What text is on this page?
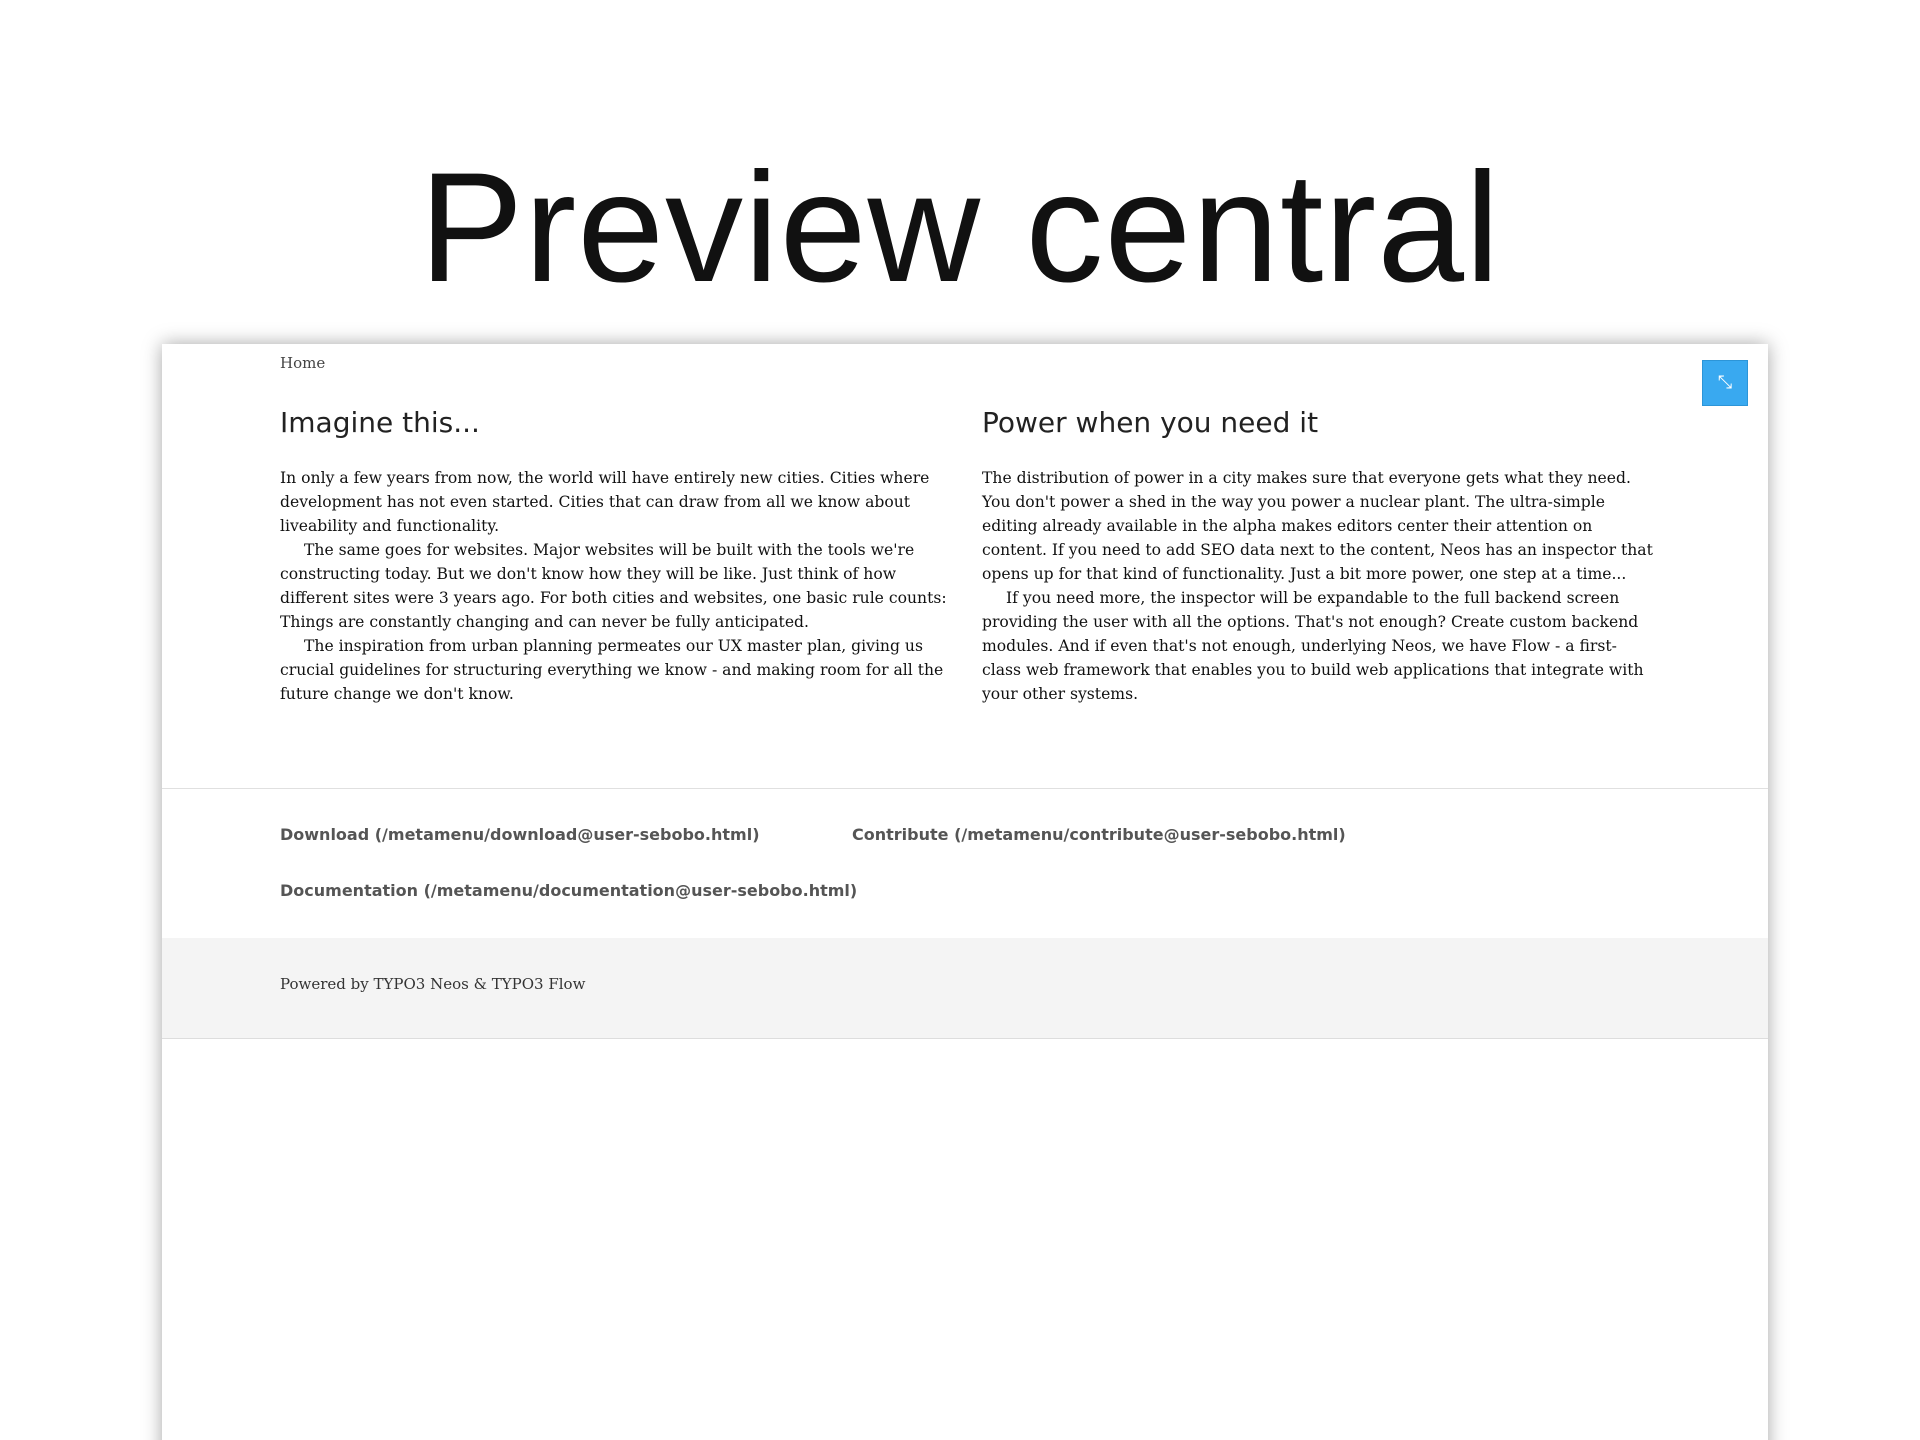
Preview central
Home
⤡
Imagine this...

In only a few years from now, the world will have entirely new cities. Cities where development has not even started. Cities that can draw from all we know about liveability and functionality.

The same goes for websites. Major websites will be built with the tools we're constructing today. But we don't know how they will be like. Just think of how different sites were 3 years ago. For both cities and websites, one basic rule counts: Things are constantly changing and can never be fully anticipated.

The inspiration from urban planning permeates our UX master plan, giving us crucial guidelines for structuring everything we know - and making room for all the future change we don't know.

Power when you need it

The distribution of power in a city makes sure that everyone gets what they need. You don't power a shed in the way you power a nuclear plant. The ultra-simple editing already available in the alpha makes editors center their attention on content. If you need to add SEO data next to the content, Neos has an inspector that opens up for that kind of functionality. Just a bit more power, one step at a time...

If you need more, the inspector will be expandable to the full backend screen providing the user with all the options. That's not enough? Create custom backend modules. And if even that's not enough, underlying Neos, we have Flow - a first-class web framework that enables you to build web applications that integrate with your other systems.

Download (/metamenu/download@user-sebobo.html)	Contribute (/metamenu/contribute@user-sebobo.html)
Documentation (/metamenu/documentation@user-sebobo.html)
Powered by TYPO3 Neos & TYPO3 Flow
